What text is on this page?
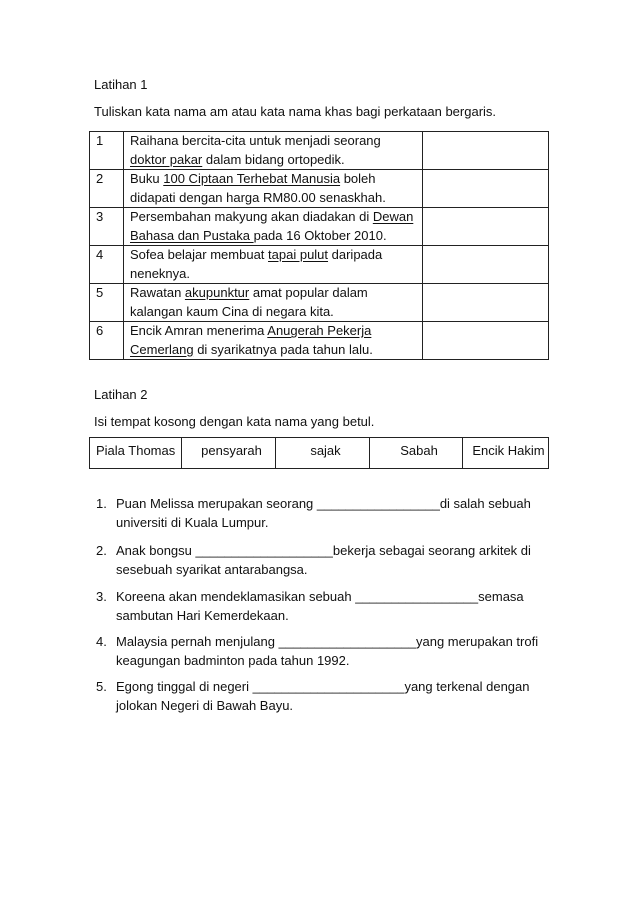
Latihan 1
Tuliskan kata nama am atau kata nama khas bagi perkataan bergaris.
1	Raihana bercita-cita untuk menjadi seorang
doktor pakar dalam bidang ortopedik.	

2	Buku 100 Ciptaan Terhebat Manusia boleh
didapati dengan harga RM80.00 senaskhah.	

3	Persembahan makyung akan diadakan di Dewan
Bahasa dan Pustaka pada 16 Oktober 2010.	

4	Sofea belajar membuat tapai pulut daripada
neneknya.	

5	Rawatan akupunktur amat popular dalam
kalangan kaum Cina di negara kita.	

6	Encik Amran menerima Anugerah Pekerja
Cemerlang di syarikatnya pada tahun lalu.	

Latihan 2
Isi tempat kosong dengan kata nama yang betul.
Piala Thomas	pensyarah	sajak	Sabah	Encik Hakim
1. Puan Melissa merupakan seorang _________________di salah sebuah
universiti di Kuala Lumpur.
2. Anak bongsu ___________________bekerja sebagai seorang arkitek di
sesebuah syarikat antarabangsa.
3. Koreena akan mendeklamasikan sebuah _________________semasa
sambutan Hari Kemerdekaan.
4. Malaysia pernah menjulang ___________________yang merupakan trofi
keagungan badminton pada tahun 1992.
5. Egong tinggal di negeri _____________________yang terkenal dengan
jolokan Negeri di Bawah Bayu.
